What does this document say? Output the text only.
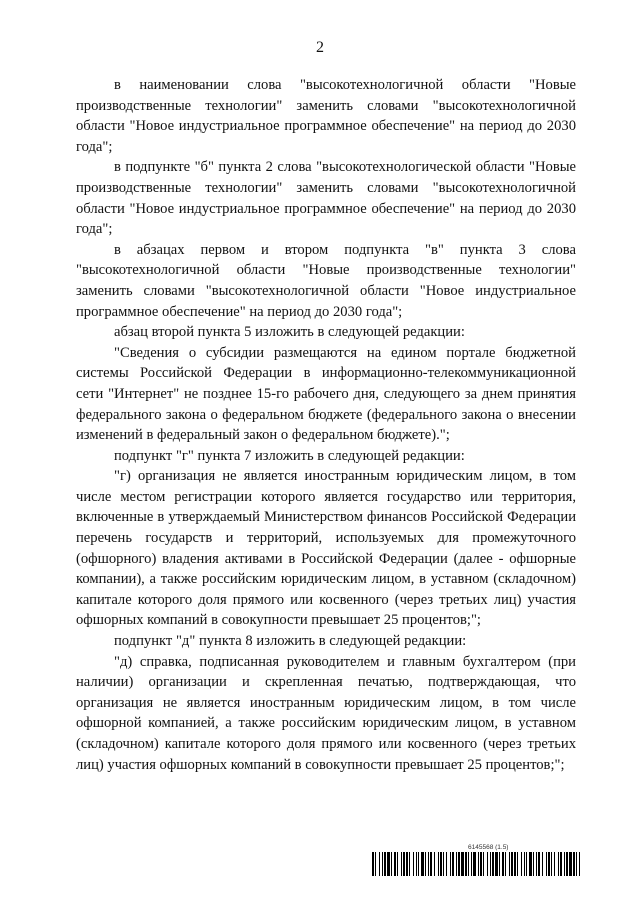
2

в наименовании слова "высокотехнологичной области "Новые производственные технологии" заменить словами "высокотехнологичной области "Новое индустриальное программное обеспечение" на период до 2030 года";

в подпункте "б" пункта 2 слова "высокотехнологической области "Новые производственные технологии" заменить словами "высокотехнологичной области "Новое индустриальное программное обеспечение" на период до 2030 года";

в абзацах первом и втором подпункта "в" пункта 3 слова "высокотехнологичной области "Новые производственные технологии" заменить словами "высокотехнологичной области "Новое индустриальное программное обеспечение" на период до 2030 года";

абзац второй пункта 5 изложить в следующей редакции:

"Сведения о субсидии размещаются на едином портале бюджетной системы Российской Федерации в информационно-телекоммуникационной сети "Интернет" не позднее 15-го рабочего дня, следующего за днем принятия федерального закона о федеральном бюджете (федерального закона о внесении изменений в федеральный закон о федеральном бюджете).";

подпункт "г" пункта 7 изложить в следующей редакции:

"г) организация не является иностранным юридическим лицом, в том числе местом регистрации которого является государство или территория, включенные в утверждаемый Министерством финансов Российской Федерации перечень государств и территорий, используемых для промежуточного (офшорного) владения активами в Российской Федерации (далее - офшорные компании), а также российским юридическим лицом, в уставном (складочном) капитале которого доля прямого или косвенного (через третьих лиц) участия офшорных компаний в совокупности превышает 25 процентов;";

подпункт "д" пункта 8 изложить в следующей редакции:

"д) справка, подписанная руководителем и главным бухгалтером (при наличии) организации и скрепленная печатью, подтверждающая, что организация не является иностранным юридическим лицом, в том числе офшорной компанией, а также российским юридическим лицом, в уставном (складочном) капитале которого доля прямого или косвенного (через третьих лиц) участия офшорных компаний в совокупности превышает 25 процентов;";

6145568 (1.5)
